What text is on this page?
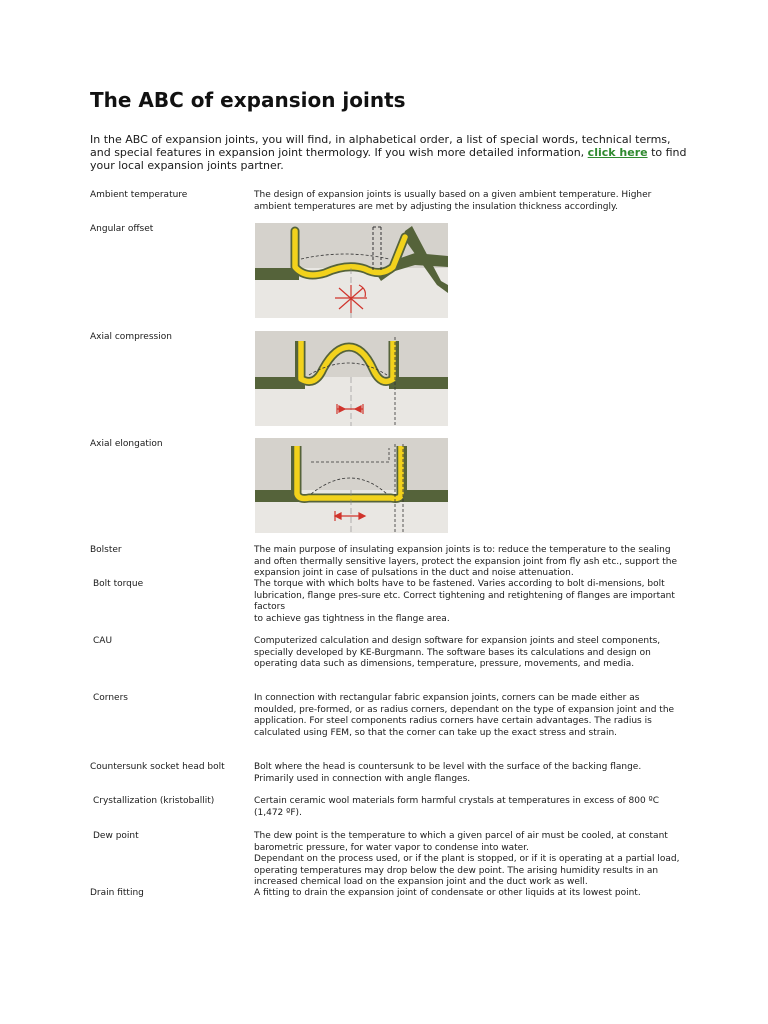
The ABC of expansion joints
In the ABC of expansion joints, you will find, in alphabetical order, a list of special words, technical terms, and special features in expansion joint thermology. If you wish more detailed information, click here to find your local expansion joints partner.
Ambient temperature	The design of expansion joints is usually based on a given ambient temperature. Higher ambient temperatures are met by adjusting the insulation thickness accordingly.
Angular offset
Axial compression
Axial elongation
Bolster	The main purpose of insulating expansion joints is to: reduce the temperature to the sealing and often thermally sensitive layers, protect the expansion joint from fly ash etc., support the expansion joint in case of pulsations in the duct and noise attenuation.
Bolt torque	The torque with which bolts have to be fastened. Varies according to bolt di-mensions, bolt lubrication, flange pres-sure etc. Correct tightening and retightening of flanges are important factors
to achieve gas tightness in the flange area.
CAU	Computerized calculation and design software for expansion joints and steel components, specially developed by KE-Burgmann. The software bases its calculations and design on operating data such as dimensions, temperature, pressure, movements, and media.
Corners	In connection with rectangular fabric expansion joints, corners can be made either as moulded, pre-formed, or as radius corners, dependant on the type of expansion joint and the application. For steel components radius corners have certain advantages. The radius is calculated using FEM, so that the corner can take up the exact stress and strain.
Countersunk socket head bolt	Bolt where the head is countersunk to be level with the surface of the backing flange. Primarily used in connection with angle flanges.
Crystallization (kristoballit)	Certain ceramic wool materials form harmful crystals at temperatures in excess of 800 ºC (1,472 ºF).
Dew point	The dew point is the temperature to which a given parcel of air must be cooled, at constant barometric pressure, for water vapor to condense into water.
Dependant on the process used, or if the plant is stopped, or if it is operating at a partial load, operating temperatures may drop below the dew point. The arising humidity results in an increased chemical load on the expansion joint and the duct work as well.
Drain fitting	A fitting to drain the expansion joint of condensate or other liquids at its lowest point.
